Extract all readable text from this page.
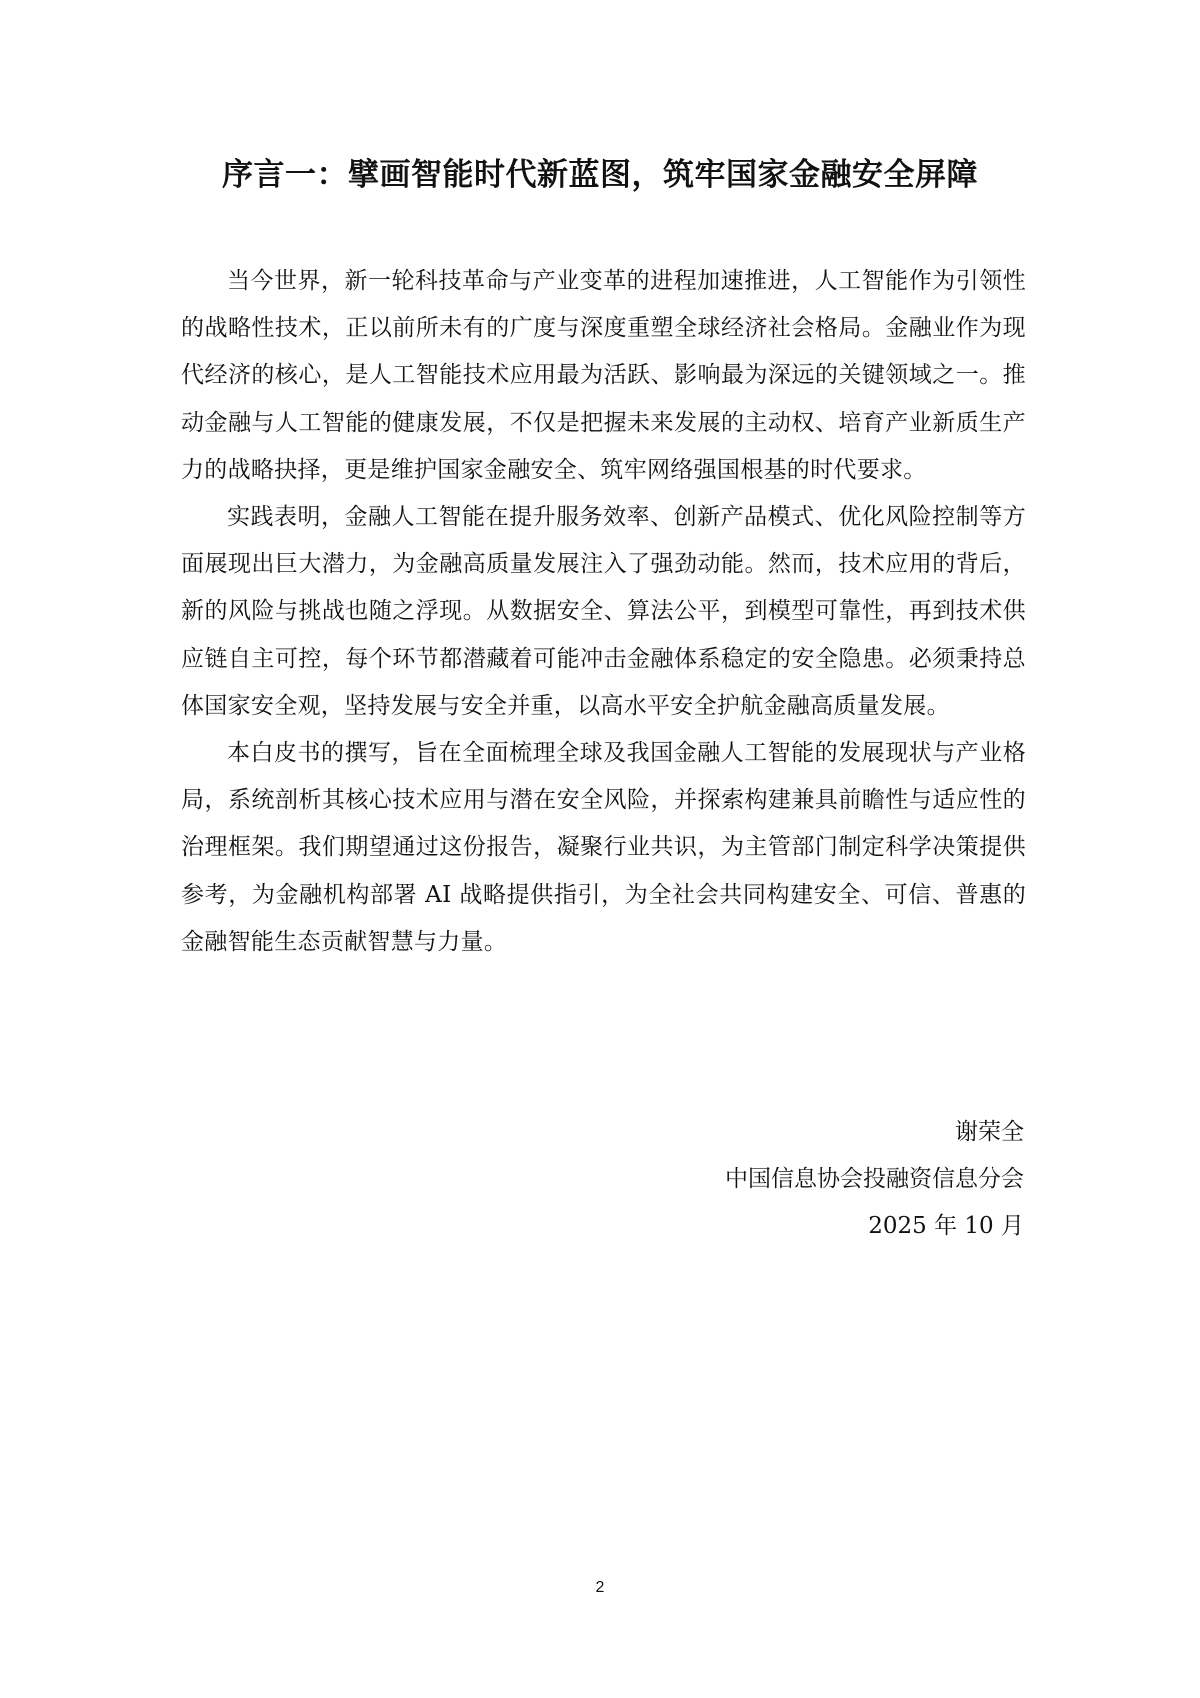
序言一：擘画智能时代新蓝图，筑牢国家金融安全屏障

当今世界，新一轮科技革命与产业变革的进程加速推进，人工智能作为引领性的战略性技术，正以前所未有的广度与深度重塑全球经济社会格局。金融业作为现代经济的核心，是人工智能技术应用最为活跃、影响最为深远的关键领域之一。推动金融与人工智能的健康发展，不仅是把握未来发展的主动权、培育产业新质生产力的战略抉择，更是维护国家金融安全、筑牢网络强国根基的时代要求。

实践表明，金融人工智能在提升服务效率、创新产品模式、优化风险控制等方面展现出巨大潜力，为金融高质量发展注入了强劲动能。然而，技术应用的背后，新的风险与挑战也随之浮现。从数据安全、算法公平，到模型可靠性，再到技术供应链自主可控，每个环节都潜藏着可能冲击金融体系稳定的安全隐患。必须秉持总体国家安全观，坚持发展与安全并重，以高水平安全护航金融高质量发展。

本白皮书的撰写，旨在全面梳理全球及我国金融人工智能的发展现状与产业格局，系统剖析其核心技术应用与潜在安全风险，并探索构建兼具前瞻性与适应性的治理框架。我们期望通过这份报告，凝聚行业共识，为主管部门制定科学决策提供参考，为金融机构部署 AI 战略提供指引，为全社会共同构建安全、可信、普惠的金融智能生态贡献智慧与力量。

谢荣全
中国信息协会投融资信息分会
2025 年 10 月
2
